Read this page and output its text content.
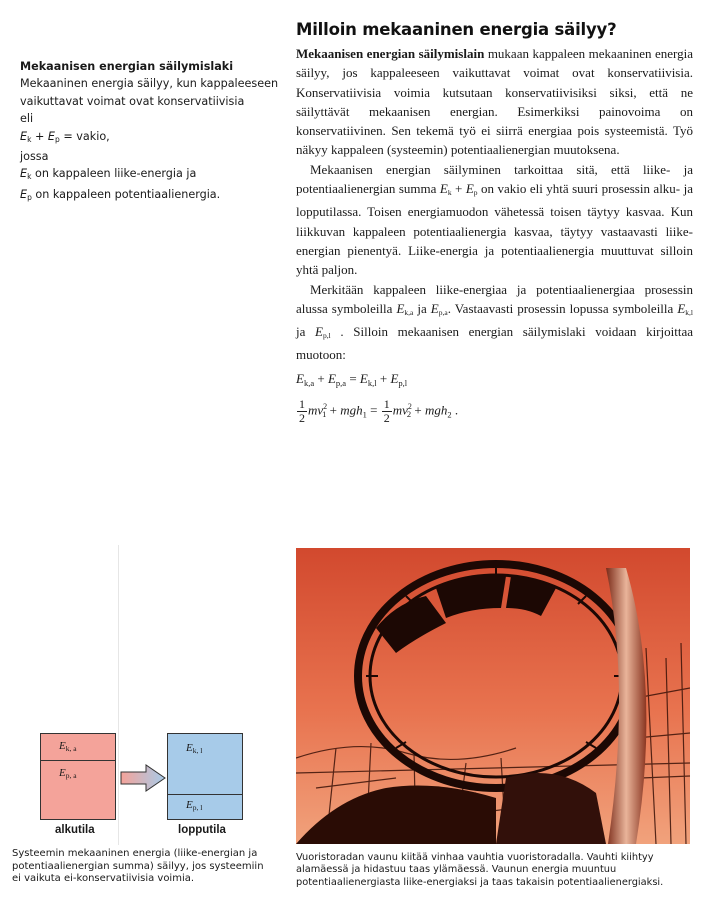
Mekaanisen energian säilymislaki
Mekaaninen energia säilyy, kun kappaleeseen
vaikuttavat voimat ovat konservatiivisia
eli
$E_k + E_p$ = vakio,
jossa
$E_k$ on kappaleen liike-energia ja
$E_p$ on kappaleen potentiaalienergia.
Milloin mekaaninen energia säilyy?

Mekaanisen energian säilymislain mukaan kappaleen mekaaninen energia säilyy, jos kappaleeseen vaikuttavat voimat ovat konservatiivisia. Konservatiivisia voimia kutsutaan konservatiivisiksi siksi, että ne säilyttävät mekaanisen energian. Esimerkiksi painovoima on konservatiivinen. Sen tekemä työ ei siirrä energiaa pois systeemistä. Työ näkyy kappaleen (systeemin) potentiaalienergian muutoksena.

Mekaanisen energian säilyminen tarkoittaa sitä, että liike- ja potentiaalienergian summa $E_k + E_p$ on vakio eli yhtä suuri prosessin alku- ja lopputilassa. Toisen energiamuodon vähetessä toisen täytyy kasvaa. Kun liikkuvan kappaleen potentiaalienergia kasvaa, täytyy vastaavasti liike-energian pienentyä. Liike-energia ja potentiaalienergia muuttuvat silloin yhtä paljon.

Merkitään kappaleen liike-energiaa ja potentiaalienergiaa prosessin alussa symboleilla $E_{k,a}$ ja $E_{p,a}$. Vastaavasti prosessin lopussa symboleilla $E_{k,l}$ ja $E_{p,l}$ . Silloin mekaanisen energian säilymislaki voidaan kirjoittaa muotoon:

$E_{k,a} + E_{p,a} = E_{k,l} + E_{p,l}$
$\frac{1}{2} mv^2_1 + mgh_1 = \frac{1}{2} mv^2_2 + mgh_2$ .
$E_{k, a}$
$E_{p, a}$
$E_{k, l}$
$E_{p, l}$
alkutila	lopputila
Systeemin mekaaninen energia (liike-energian ja potentiaalienergian summa) säilyy, jos systeemiin ei vaikuta ei-konservatiivisia voimia.
Vuoristoradan vaunu kiitää vinhaa vauhtia vuoristoradalla. Vauhti kiihtyy alamäessä ja hidastuu taas ylämäessä. Vaunun energia muuntuu potentiaalienergiasta liike-energiaksi ja taas takaisin potentiaalienergiaksi.
